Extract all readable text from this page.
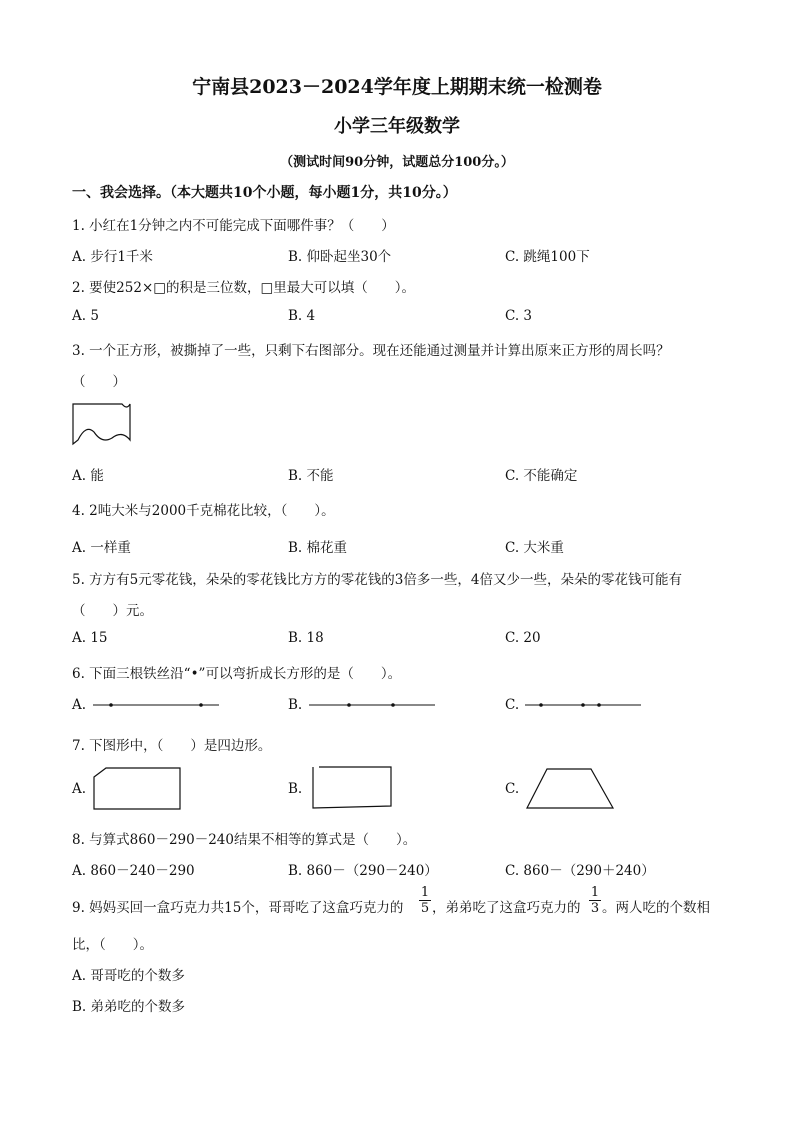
宁南县2023－2024学年度上期期末统一检测卷
小学三年级数学
（测试时间90分钟，试题总分100分。）
一、我会选择。（本大题共10个小题，每小题1分，共10分。）
1. 小红在1分钟之内不可能完成下面哪件事？（　　）
A. 步行1千米	B. 仰卧起坐30个	C. 跳绳100下
2. 要使252×□的积是三位数，□里最大可以填（　　）。
A. 5	B. 4	C. 3
3. 一个正方形，被撕掉了一些，只剩下右图部分。现在还能通过测量并计算出原来正方形的周长吗？
（　　）
A. 能	B. 不能	C. 不能确定
4. 2吨大米与2000千克棉花比较，（　　）。
A. 一样重	B. 棉花重	C. 大米重
5. 方方有5元零花钱，朵朵的零花钱比方方的零花钱的3倍多一些，4倍又少一些，朵朵的零花钱可能有
（　　）元。
A. 15	B. 18	C. 20
6. 下面三根铁丝沿“•”可以弯折成长方形的是（　　）。
A.	B.	C.
7. 下图形中，（　　）是四边形。
A.	B.	C.
8. 与算式860－290－240结果不相等的算式是（　　）。
A. 860－240－290	B. 860－（290－240）	C. 860－（290＋240）
9. 妈妈买回一盒巧克力共15个，哥哥吃了这盒巧克力的 $\frac{1}{5}$ ，弟弟吃了这盒巧克力的 $\frac{1}{3}$ 。两人吃的个数相
比，（　　）。
A. 哥哥吃的个数多
B. 弟弟吃的个数多
